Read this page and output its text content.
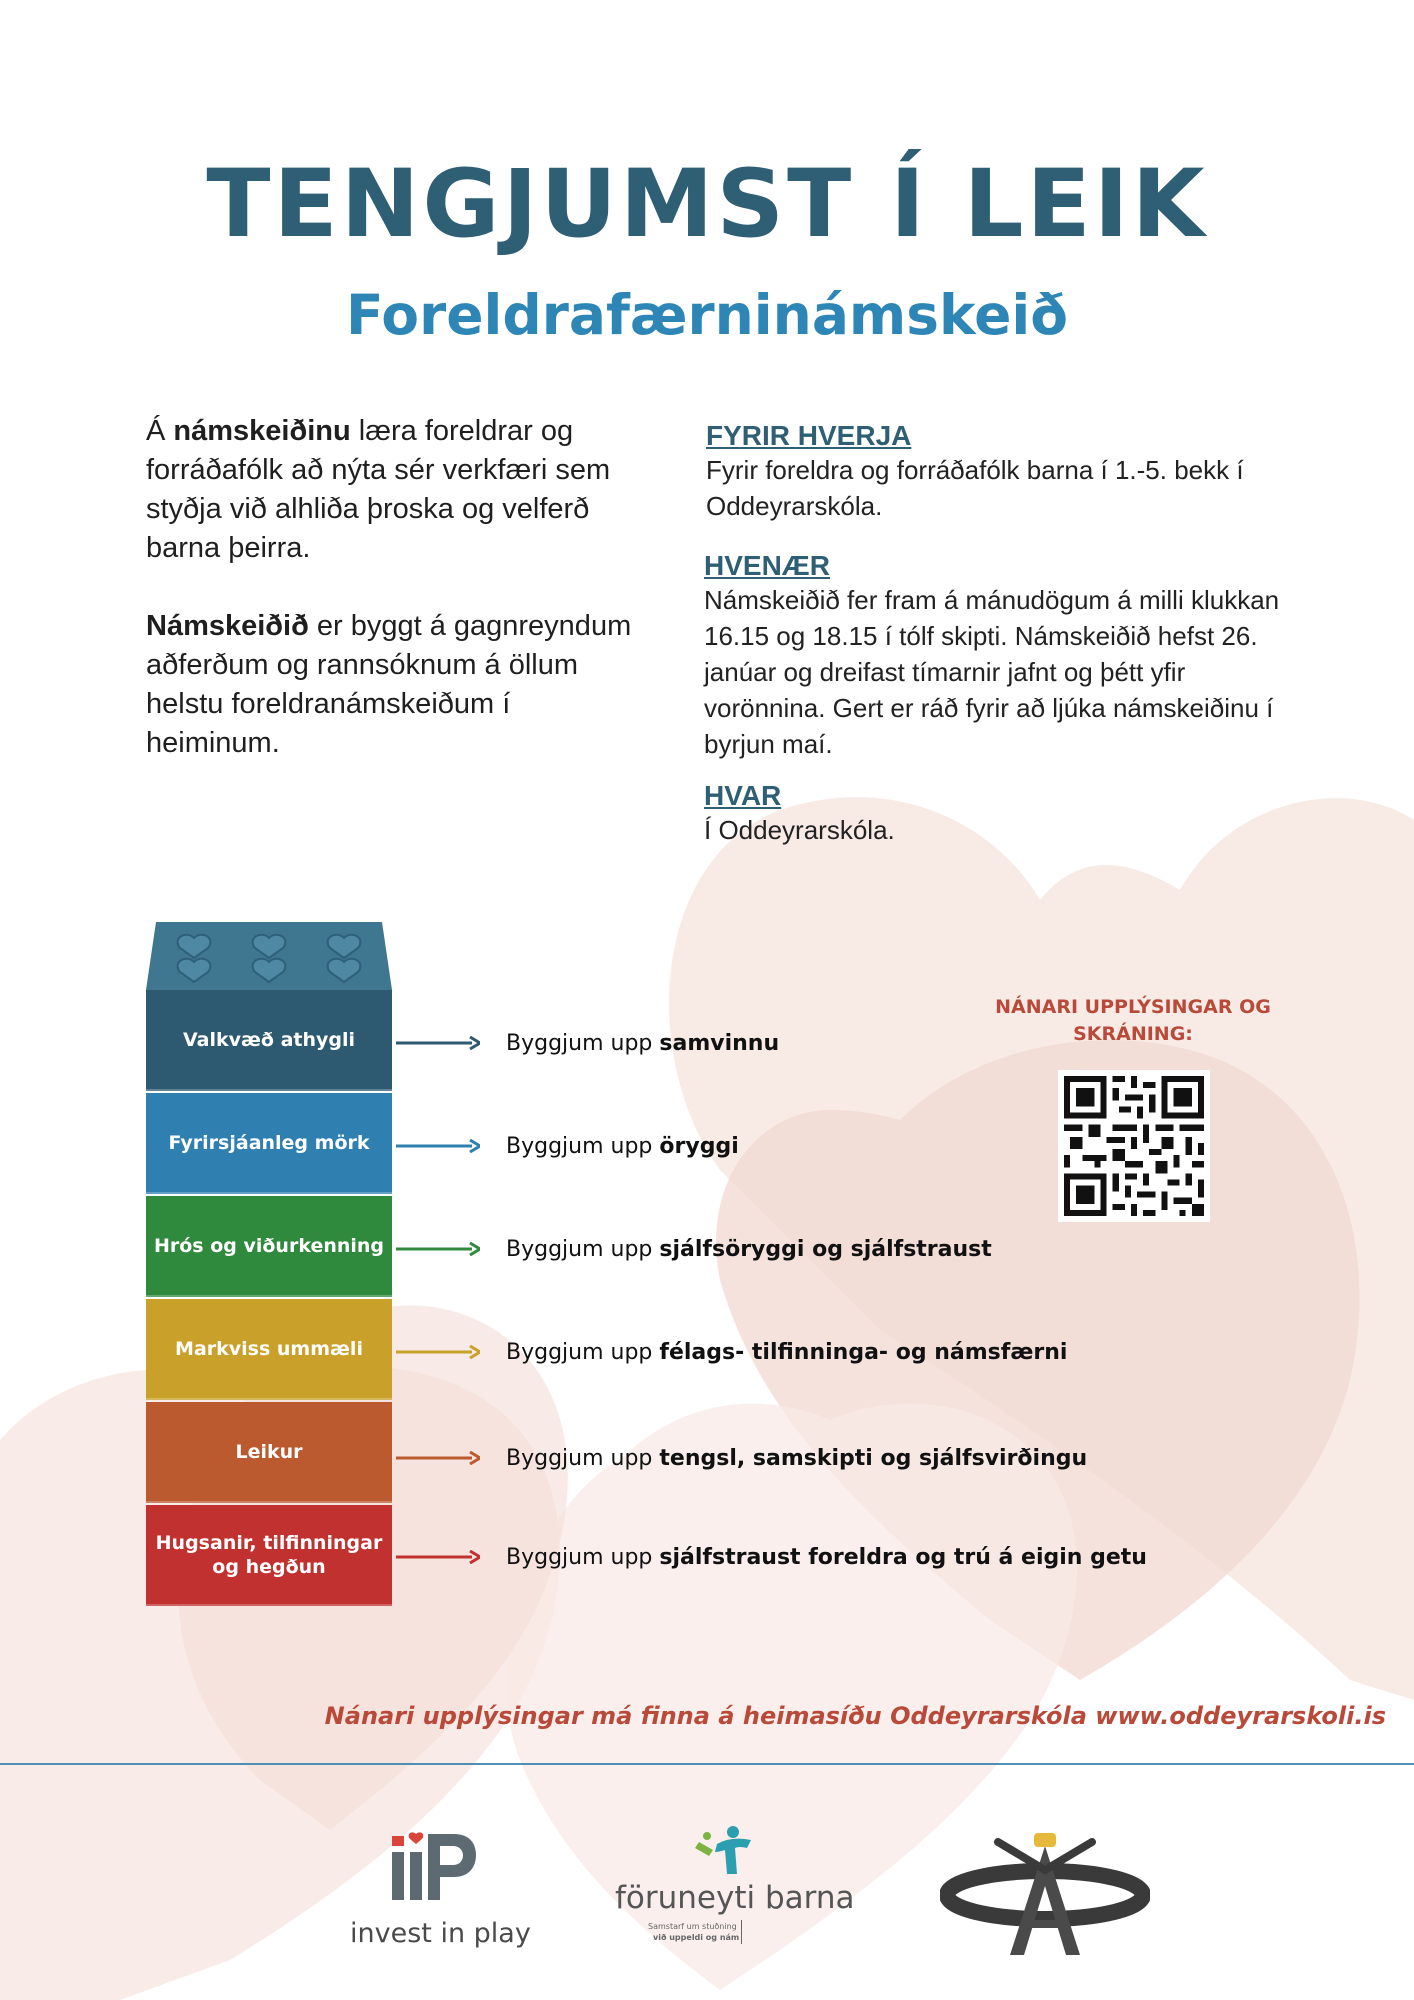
TENGJUMST Í LEIK
Foreldrafærninámskeið

Á námskeiðinu læra foreldrar og forráðafólk að nýta sér verkfæri sem styðja við alhliða þroska og velferð barna þeirra.

Námskeiðið er byggt á gagnreyndum aðferðum og rannsóknum á öllum helstu foreldranámskeiðum í heiminum.

FYRIR HVERJA

Fyrir foreldra og forráðafólk barna í 1.-5. bekk í Oddeyrarskóla.

HVENÆR

Námskeiðið fer fram á mánudögum á milli klukkan 16.15 og 18.15 í tólf skipti. Námskeiðið hefst 26. janúar og dreifast tímarnir jafnt og þétt yfir vorönnina. Gert er ráð fyrir að ljúka námskeiðinu í byrjun maí.

HVAR

Í Oddeyrarskóla.

Valkvæð athygli
Fyrirsjáanleg mörk
Hrós og viðurkenning
Markviss ummæli
Leikur
Hugsanir, tilfinningar og hegðun
Byggjum upp samvinnu
Byggjum upp öryggi
Byggjum upp sjálfsöryggi og sjálfstraust
Byggjum upp félags- tilfinninga- og námsfærni
Byggjum upp tengsl, samskipti og sjálfsvirðingu
Byggjum upp sjálfstraust foreldra og trú á eigin getu
NÁNARI UPPLÝSINGAR OG SKRÁNING:
Nánari upplýsingar má finna á heimasíðu Oddeyrarskóla www.oddeyrarskoli.is
invest in play
föruneyti barna
Samstarf um stuðning
við uppeldi og nám
